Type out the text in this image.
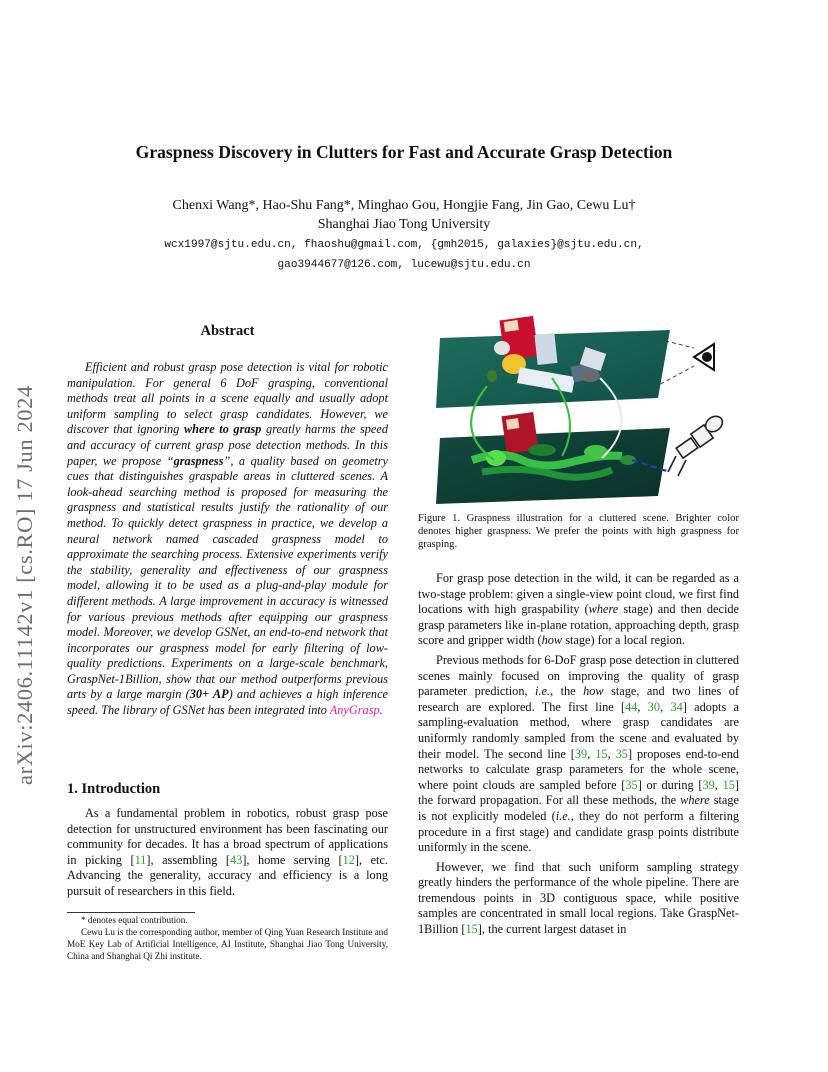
arXiv:2406.11142v1 [cs.RO] 17 Jun 2024
Graspness Discovery in Clutters for Fast and Accurate Grasp Detection
Chenxi Wang*, Hao-Shu Fang*, Minghao Gou, Hongjie Fang, Jin Gao, Cewu Lu†
Shanghai Jiao Tong University
wcx1997@sjtu.edu.cn, fhaoshu@gmail.com, {gmh2015, galaxies}@sjtu.edu.cn,
gao3944677@126.com, lucewu@sjtu.edu.cn
Abstract

Efficient and robust grasp pose detection is vital for robotic manipulation. For general 6 DoF grasping, conventional methods treat all points in a scene equally and usually adopt uniform sampling to select grasp candidates. However, we discover that ignoring where to grasp greatly harms the speed and accuracy of current grasp pose detection methods. In this paper, we propose “graspness”, a quality based on geometry cues that distinguishes graspable areas in cluttered scenes. A look-ahead searching method is proposed for measuring the graspness and statistical results justify the rationality of our method. To quickly detect graspness in practice, we develop a neural network named cascaded graspness model to approximate the searching process. Extensive experiments verify the stability, generality and effectiveness of our graspness model, allowing it to be used as a plug-and-play module for different methods. A large improvement in accuracy is witnessed for various previous methods after equipping our graspness model. Moreover, we develop GSNet, an end-to-end network that incorporates our graspness model for early filtering of low-quality predictions. Experiments on a large-scale benchmark, GraspNet-1Billion, show that our method outperforms previous arts by a large margin (30+ AP) and achieves a high inference speed. The library of GSNet has been integrated into AnyGrasp.

1. Introduction

As a fundamental problem in robotics, robust grasp pose detection for unstructured environment has been fascinating our community for decades. It has a broad spectrum of applications in picking [11], assembling [43], home serving [12], etc. Advancing the generality, accuracy and efficiency is a long pursuit of researchers in this field.

* denotes equal contribution.

Cewu Lu is the corresponding author, member of Qing Yuan Research Institute and MoE Key Lab of Artificial Intelligence, AI Institute, Shanghai Jiao Tong University, China and Shanghai Qi Zhi institute.

Figure 1. Graspness illustration for a cluttered scene. Brighter color denotes higher graspness. We prefer the points with high graspness for grasping.

For grasp pose detection in the wild, it can be regarded as a two-stage problem: given a single-view point cloud, we first find locations with high graspability (where stage) and then decide grasp parameters like in-plane rotation, approaching depth, grasp score and gripper width (how stage) for a local region.

Previous methods for 6-DoF grasp pose detection in cluttered scenes mainly focused on improving the quality of grasp parameter prediction, i.e., the how stage, and two lines of research are explored. The first line [44, 30, 34] adopts a sampling-evaluation method, where grasp candidates are uniformly randomly sampled from the scene and evaluated by their model. The second line [39, 15, 35] proposes end-to-end networks to calculate grasp parameters for the whole scene, where point clouds are sampled before [35] or during [39, 15] the forward propagation. For all these methods, the where stage is not explicitly modeled (i.e., they do not perform a filtering procedure in a first stage) and candidate grasp points distribute uniformly in the scene.

However, we find that such uniform sampling strategy greatly hinders the performance of the whole pipeline. There are tremendous points in 3D contiguous space, while positive samples are concentrated in small local regions. Take GraspNet-1Billion [15], the current largest dataset in
